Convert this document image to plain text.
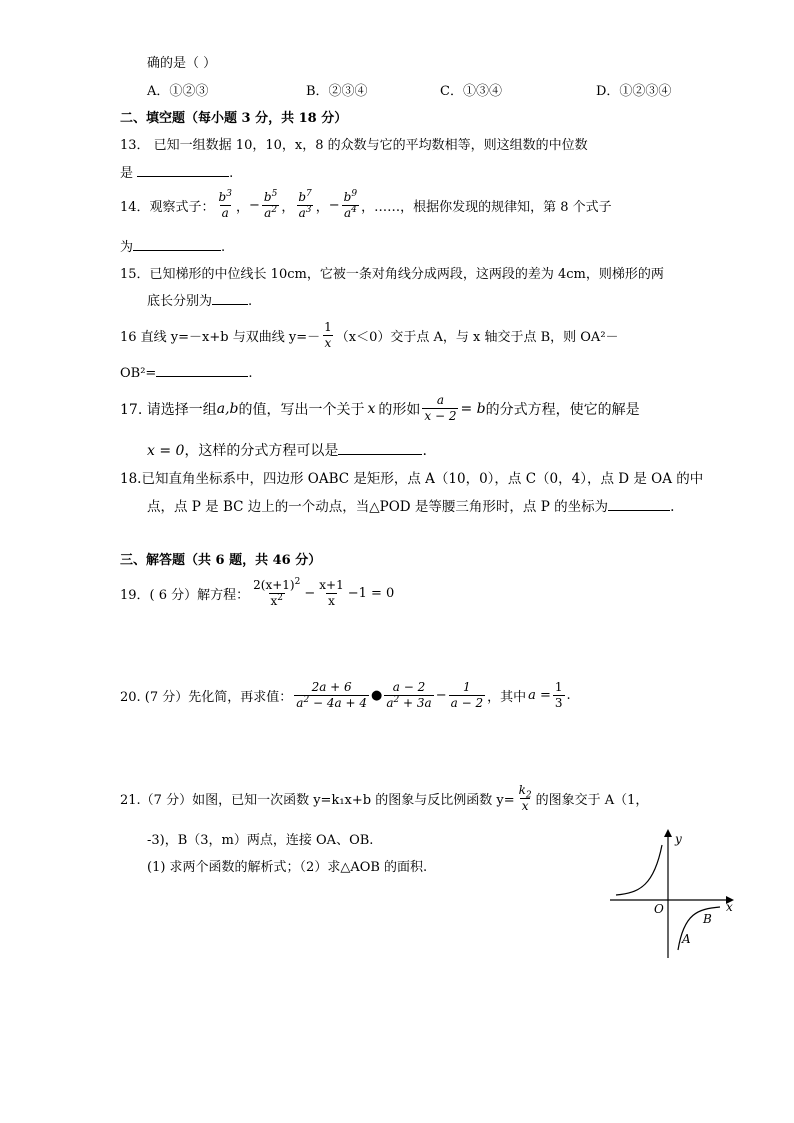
确的是（ ）
A．①②③	B．②③④	C．①③④	D．①②③④
二、填空题（每小题 3 分，共 18 分）
13． 已知一组数据 10，10，x，8 的众数与它的平均数相等，则这组数的中位数
是	.
14．观察式子： $\frac{b^3}{a}$ ， − $\frac{b^5}{a^2}$ ， $\frac{b^7}{a^3}$ ， − $\frac{b^9}{a^4}$ ，……，根据你发现的规律知，第 8 个式子
为	.
15．已知梯形的中位线长 10cm，它被一条对角线分成两段，这两段的差为 4cm，则梯形的两
底长分别为	.
16 直线 y=－x+b 与双曲线 $y=- \frac{1}{x} (x<0)$交于点 A，与 x 轴交于点 B，则 OA²－
OB²=	.
17. 请选择一组 a,b 的值，写出一个关于 x 的形如 $\frac{a}{x - 2} = b$ 的分式方程，使它的解是
x = 0，这样的分式方程可以是	.
18.已知直角坐标系中，四边形 OABC 是矩形，点 A（10，0），点 C（0，4），点 D 是 OA 的中
点，点 P 是 BC 边上的一个动点，当△POD 是等腰三角形时，点 P 的坐标为	.
三、解答题（共 6 题，共 46 分）
19．( 6 分）解方程： $\frac{2(x+1)^2}{x^2} - \frac{x+1}{x} -1 = 0$
20. (7 分）先化简，再求值： $\frac{2a + 6}{a^2 - 4a + 4}$ ● $\frac{a - 2}{a^2 + 3a} - \frac{1}{a - 2}$ ，其中 $a = \frac{1}{3}$ .
21.（7 分）如图，已知一次函数 y=k₁x+b 的图象与反比例函数 $y= \frac{k_2}{x}$ 的图象交于 A（1，
-3)，B（3，m）两点，连接 OA、OB.
(1) 求两个函数的解析式；（2）求△AOB 的面积.
y
x
O
B
A
